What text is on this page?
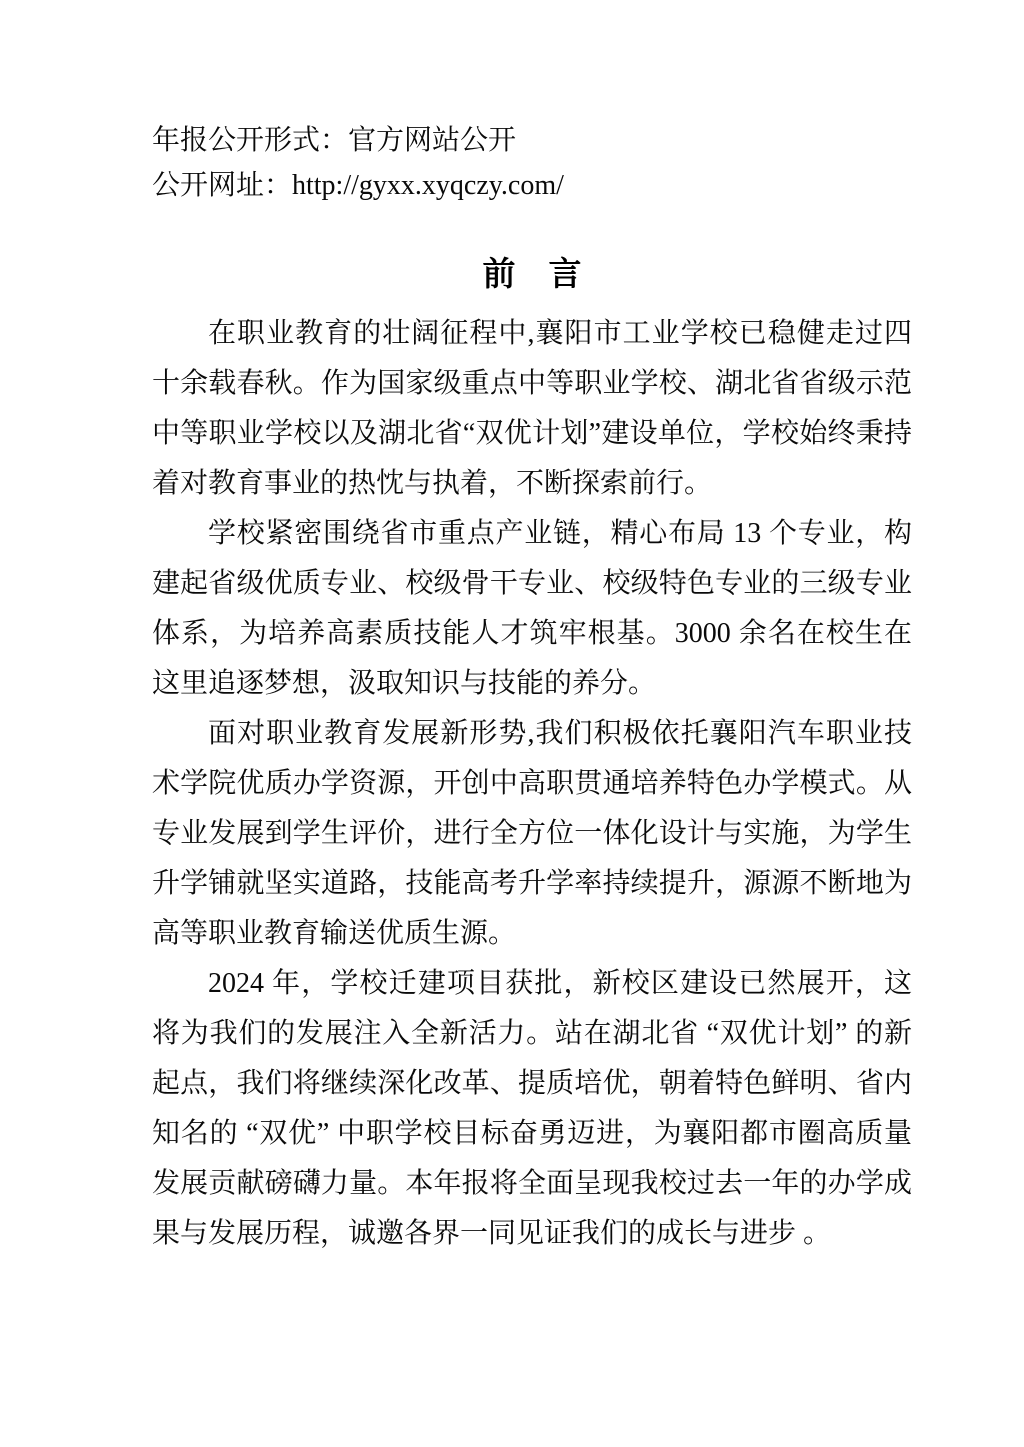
年报公开形式：官方网站公开
公开网址：http://gyxx.xyqczy.com/
前　言

在职业教育的壮阔征程中,襄阳市工业学校已稳健走过四十余载春秋。作为国家级重点中等职业学校、湖北省省级示范中等职业学校以及湖北省“双优计划”建设单位，学校始终秉持着对教育事业的热忱与执着，不断探索前行。

学校紧密围绕省市重点产业链，精心布局 13 个专业，构建起省级优质专业、校级骨干专业、校级特色专业的三级专业体系，为培养高素质技能人才筑牢根基。3000 余名在校生在这里追逐梦想，汲取知识与技能的养分。

面对职业教育发展新形势,我们积极依托襄阳汽车职业技术学院优质办学资源，开创中高职贯通培养特色办学模式。从专业发展到学生评价，进行全方位一体化设计与实施，为学生升学铺就坚实道路，技能高考升学率持续提升，源源不断地为高等职业教育输送优质生源。

2024 年，学校迁建项目获批，新校区建设已然展开，这将为我们的发展注入全新活力。站在湖北省 “双优计划” 的新起点，我们将继续深化改革、提质培优，朝着特色鲜明、省内知名的 “双优” 中职学校目标奋勇迈进，为襄阳都市圈高质量发展贡献磅礴力量。本年报将全面呈现我校过去一年的办学成果与发展历程，诚邀各界一同见证我们的成长与进步 。
